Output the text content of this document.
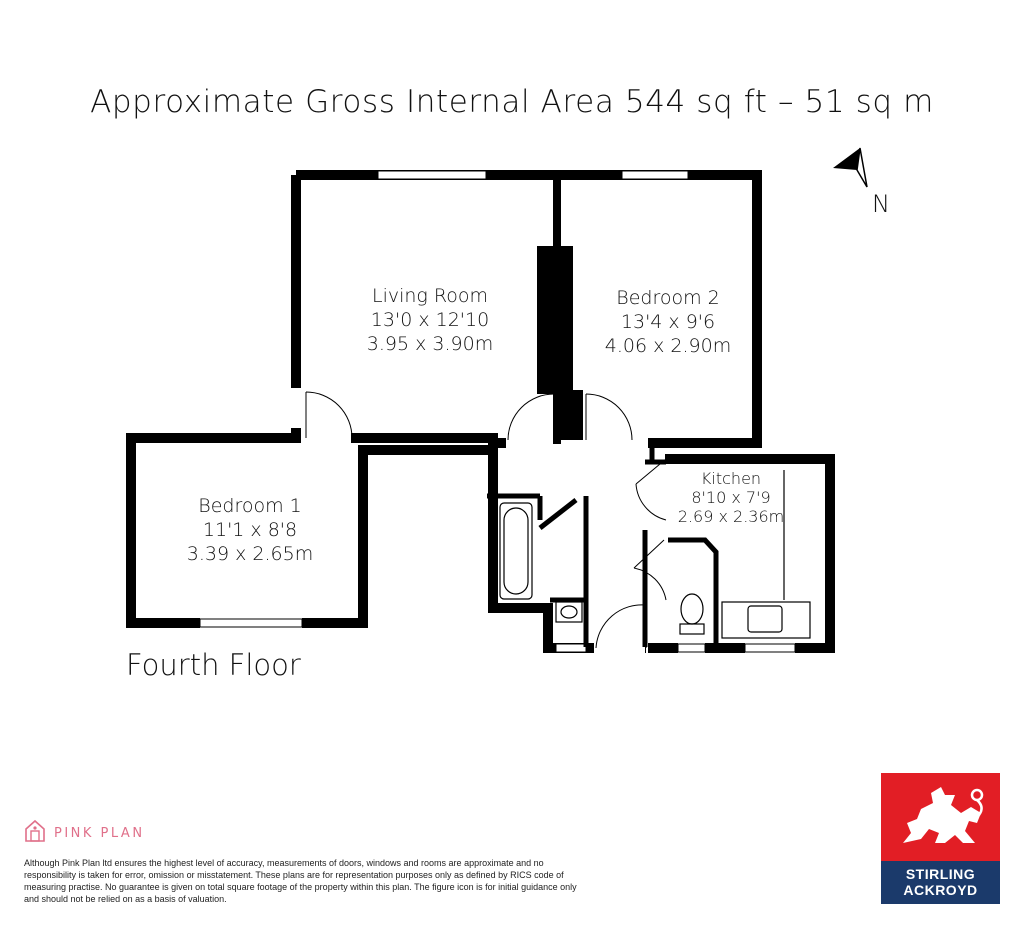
Approximate Gross Internal Area 544 sq ft – 51 sq m
N
Living Room
13'0 x 12'10
3.95 x 3.90m
Bedroom 2
13'4 x 9'6
4.06 x 2.90m
Bedroom 1
11'1 x 8'8
3.39 x 2.65m
Kitchen
8'10 x 7'9
2.69 x 2.36m
Fourth Floor
PINK PLAN
Although Pink Plan ltd ensures the highest level of accuracy, measurements of doors, windows and rooms are approximate and no responsibility is taken for error, omission or misstatement. These plans are for representation purposes only as defined by RICS code of measuring practise. No guarantee is given on total square footage of the property within this plan. The figure icon is for initial guidance only and should not be relied on as a basis of valuation.
STIRLING
ACKROYD
